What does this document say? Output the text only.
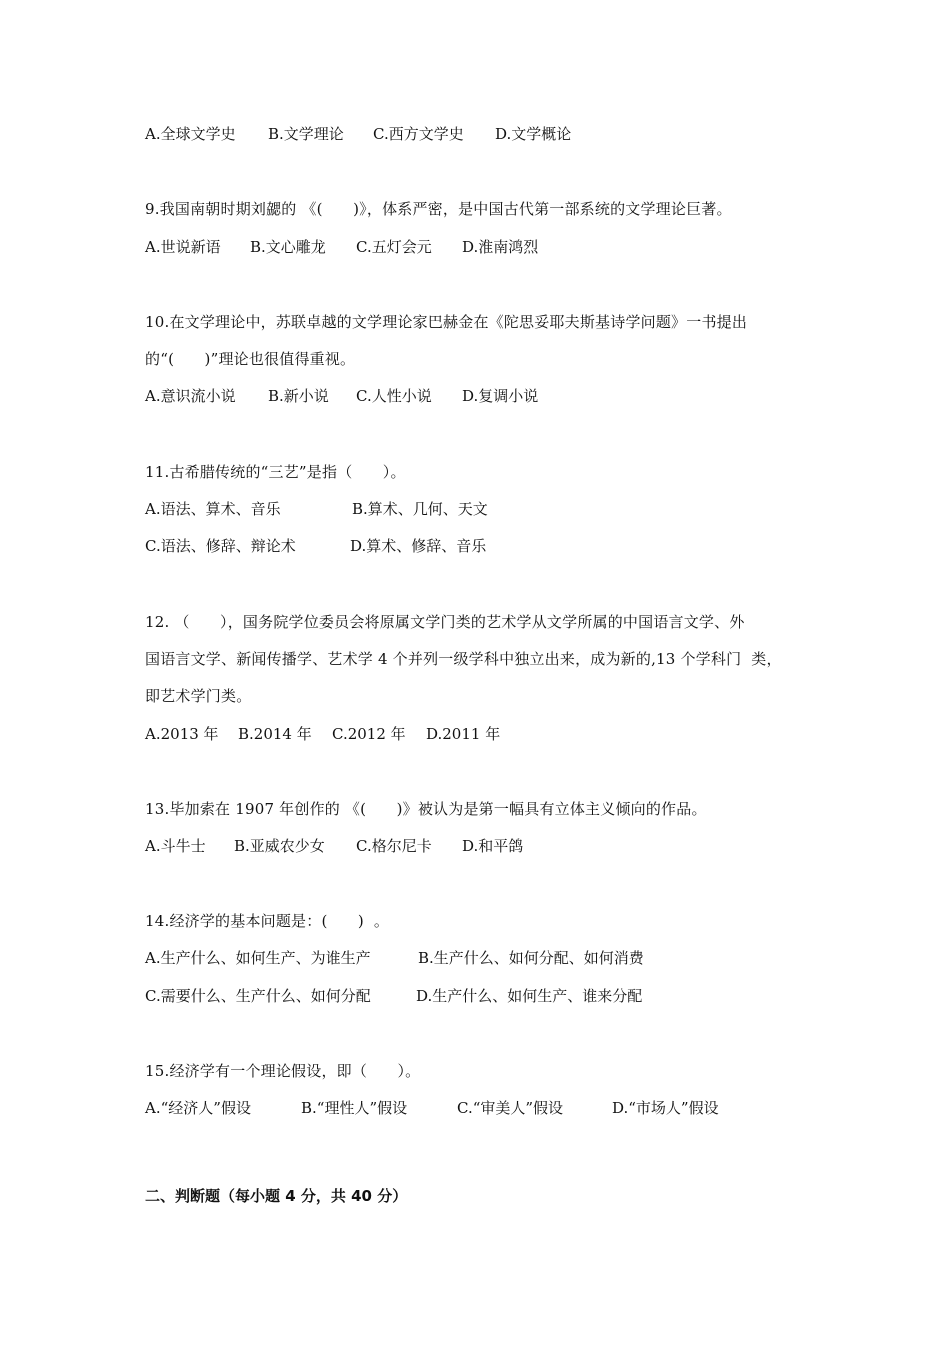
A.全球文学史

B.文学理论

C.西方文学史

D.文学概论

9.我国南朝时期刘勰的 《(　　)》，体系严密，是中国古代第一部系统的文学理论巨著。

A.世说新语

B.文心雕龙

C.五灯会元

D.淮南鸿烈

10.在文学理论中，苏联卓越的文学理论家巴赫金在《陀思妥耶夫斯基诗学问题》一书提出
的“(　　)”理论也很值得重视。

A.意识流小说

B.新小说

C.人性小说

D.复调小说

11.古希腊传统的“三艺”是指（　　）。

A.语法、算术、音乐

	B.算术、几何、天文

C.语法、修辞、辩论术

	D.算术、修辞、音乐

12. （　　），国务院学位委员会将原属文学门类的艺术学从文学所属的中国语言文学、外
国语言文学、新闻传播学、艺术学 4 个并列一级学科中独立出来，成为新的,13 个学科门  类，
即艺术学门类。

A.2013 年

B.2014 年

C.2012 年

D.2011 年

13.毕加索在 1907 年创作的 《(　　)》被认为是第一幅具有立体主义倾向的作品。

A.斗牛士

B.亚威农少女

C.格尔尼卡

D.和平鸽

14.经济学的基本问题是：(　　)  。

A.生产什么、如何生产、为谁生产

	B.生产什么、如何分配、如何消费

C.需要什么、生产什么、如何分配

	D.生产什么、如何生产、谁来分配

15.经济学有一个理论假设，即（　　）。

A.“经济人”假设

	B.“理性人”假设

	C.“审美人”假设

	D.“市场人”假设

二、判断题（每小题 4 分，共 40 分）
